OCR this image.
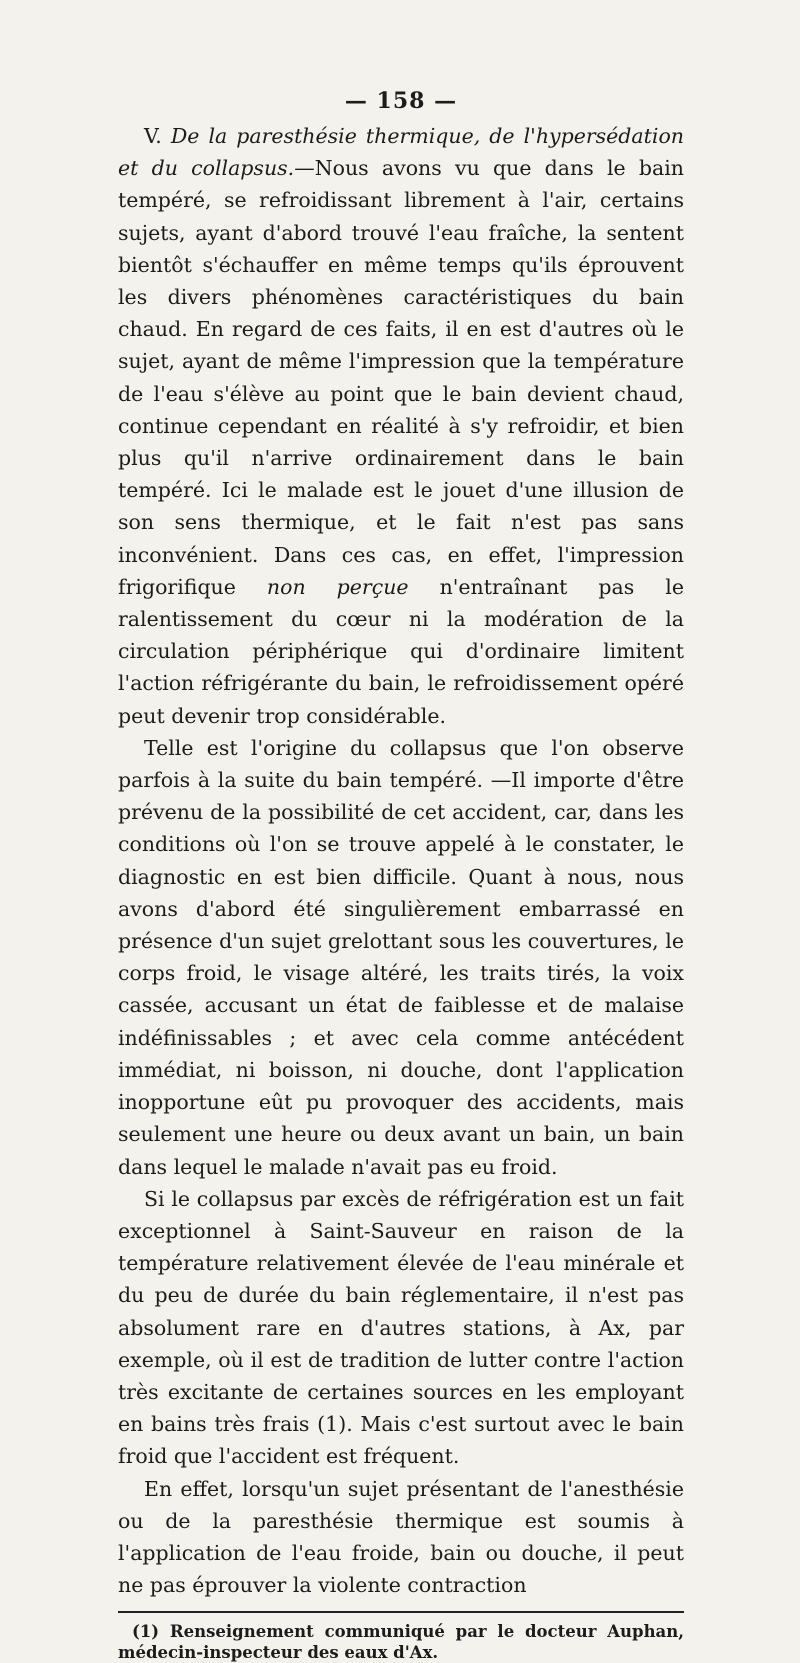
— 158 —

V. De la paresthésie thermique, de l'hypersédation et du collapsus.—Nous avons vu que dans le bain tempéré, se refroidissant librement à l'air, certains sujets, ayant d'abord trouvé l'eau fraîche, la sentent bientôt s'échauffer en même temps qu'ils éprouvent les divers phénomènes caractéristiques du bain chaud. En regard de ces faits, il en est d'autres où le sujet, ayant de même l'impression que la température de l'eau s'élève au point que le bain devient chaud, continue cependant en réalité à s'y refroidir, et bien plus qu'il n'arrive ordinairement dans le bain tempéré. Ici le malade est le jouet d'une illusion de son sens thermique, et le fait n'est pas sans inconvénient. Dans ces cas, en effet, l'impression frigorifique non perçue n'entraînant pas le ralentissement du cœur ni la modération de la circulation périphérique qui d'ordinaire limitent l'action réfrigérante du bain, le refroidissement opéré peut devenir trop considérable.

Telle est l'origine du collapsus que l'on observe parfois à la suite du bain tempéré. —Il importe d'être prévenu de la possibilité de cet accident, car, dans les conditions où l'on se trouve appelé à le constater, le diagnostic en est bien difficile. Quant à nous, nous avons d'abord été singulièrement embarrassé en présence d'un sujet grelottant sous les couvertures, le corps froid, le visage altéré, les traits tirés, la voix cassée, accusant un état de faiblesse et de malaise indéfinissables ; et avec cela comme antécédent immédiat, ni boisson, ni douche, dont l'application inopportune eût pu provoquer des accidents, mais seulement une heure ou deux avant un bain, un bain dans lequel le malade n'avait pas eu froid.

Si le collapsus par excès de réfrigération est un fait exceptionnel à Saint-Sauveur en raison de la température relativement élevée de l'eau minérale et du peu de durée du bain réglementaire, il n'est pas absolument rare en d'autres stations, à Ax, par exemple, où il est de tradition de lutter contre l'action très excitante de certaines sources en les employant en bains très frais (1). Mais c'est surtout avec le bain froid que l'accident est fréquent.

En effet, lorsqu'un sujet présentant de l'anesthésie ou de la paresthésie thermique est soumis à l'application de l'eau froide, bain ou douche, il peut ne pas éprouver la violente contraction

(1) Renseignement communiqué par le docteur Auphan, médecin-inspecteur des eaux d'Ax.
